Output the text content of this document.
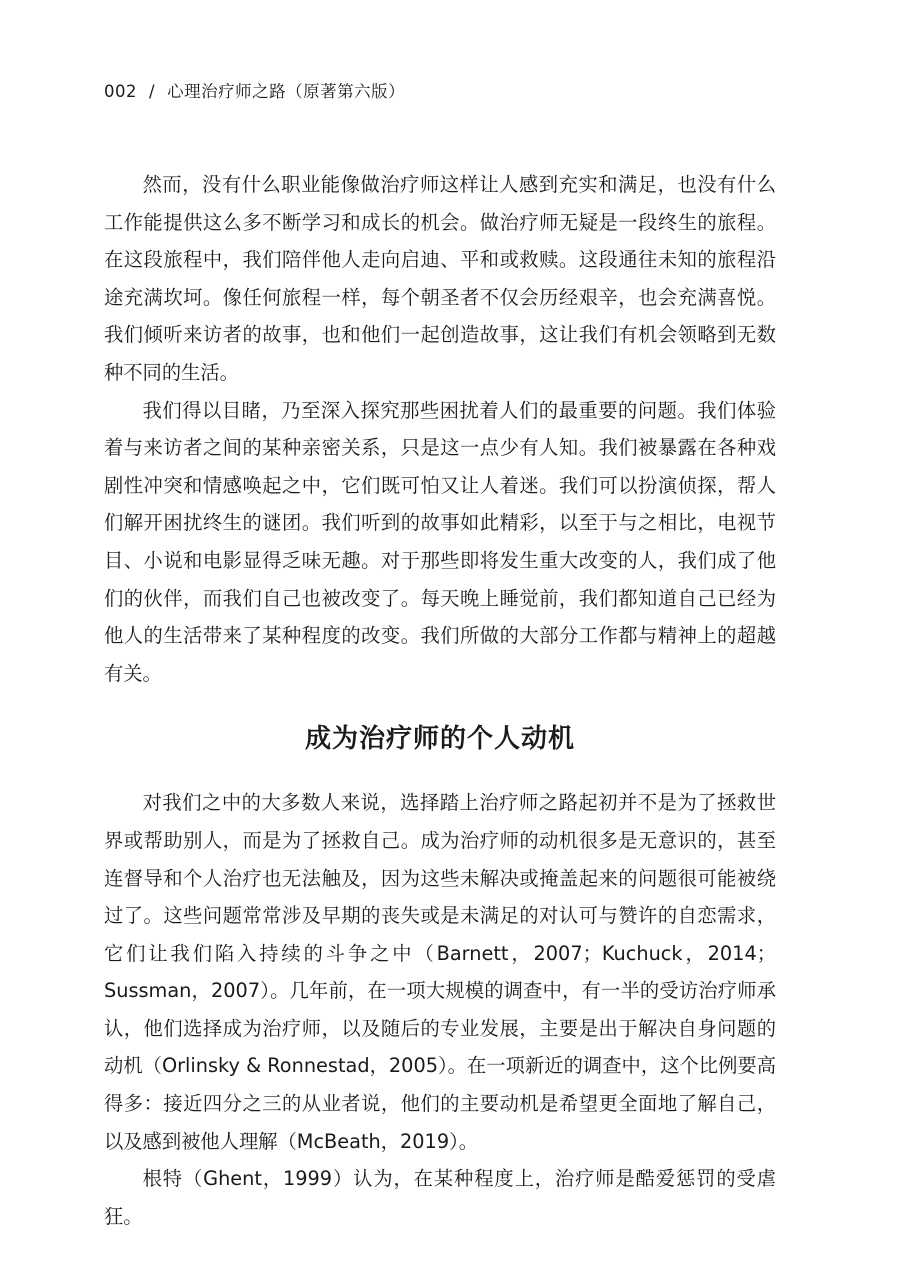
002 / 心理治疗师之路（原著第六版）

然而，没有什么职业能像做治疗师这样让人感到充实和满足，也没有什么工作能提供这么多不断学习和成长的机会。做治疗师无疑是一段终生的旅程。在这段旅程中，我们陪伴他人走向启迪、平和或救赎。这段通往未知的旅程沿途充满坎坷。像任何旅程一样，每个朝圣者不仅会历经艰辛，也会充满喜悦。我们倾听来访者的故事，也和他们一起创造故事，这让我们有机会领略到无数种不同的生活。

我们得以目睹，乃至深入探究那些困扰着人们的最重要的问题。我们体验着与来访者之间的某种亲密关系，只是这一点少有人知。我们被暴露在各种戏剧性冲突和情感唤起之中，它们既可怕又让人着迷。我们可以扮演侦探，帮人们解开困扰终生的谜团。我们听到的故事如此精彩，以至于与之相比，电视节目、小说和电影显得乏味无趣。对于那些即将发生重大改变的人，我们成了他们的伙伴，而我们自己也被改变了。每天晚上睡觉前，我们都知道自己已经为他人的生活带来了某种程度的改变。我们所做的大部分工作都与精神上的超越有关。

成为治疗师的个人动机

对我们之中的大多数人来说，选择踏上治疗师之路起初并不是为了拯救世界或帮助别人，而是为了拯救自己。成为治疗师的动机很多是无意识的，甚至连督导和个人治疗也无法触及，因为这些未解决或掩盖起来的问题很可能被绕过了。这些问题常常涉及早期的丧失或是未满足的对认可与赞许的自恋需求，它们让我们陷入持续的斗争之中（Barnett，2007；Kuchuck，2014；Sussman，2007）。几年前，在一项大规模的调查中，有一半的受访治疗师承认，他们选择成为治疗师，以及随后的专业发展，主要是出于解决自身问题的动机（Orlinsky & Ronnestad，2005）。在一项新近的调查中，这个比例要高得多：接近四分之三的从业者说，他们的主要动机是希望更全面地了解自己，以及感到被他人理解（McBeath，2019）。

根特（Ghent，1999）认为，在某种程度上，治疗师是酷爱惩罚的受虐狂。
